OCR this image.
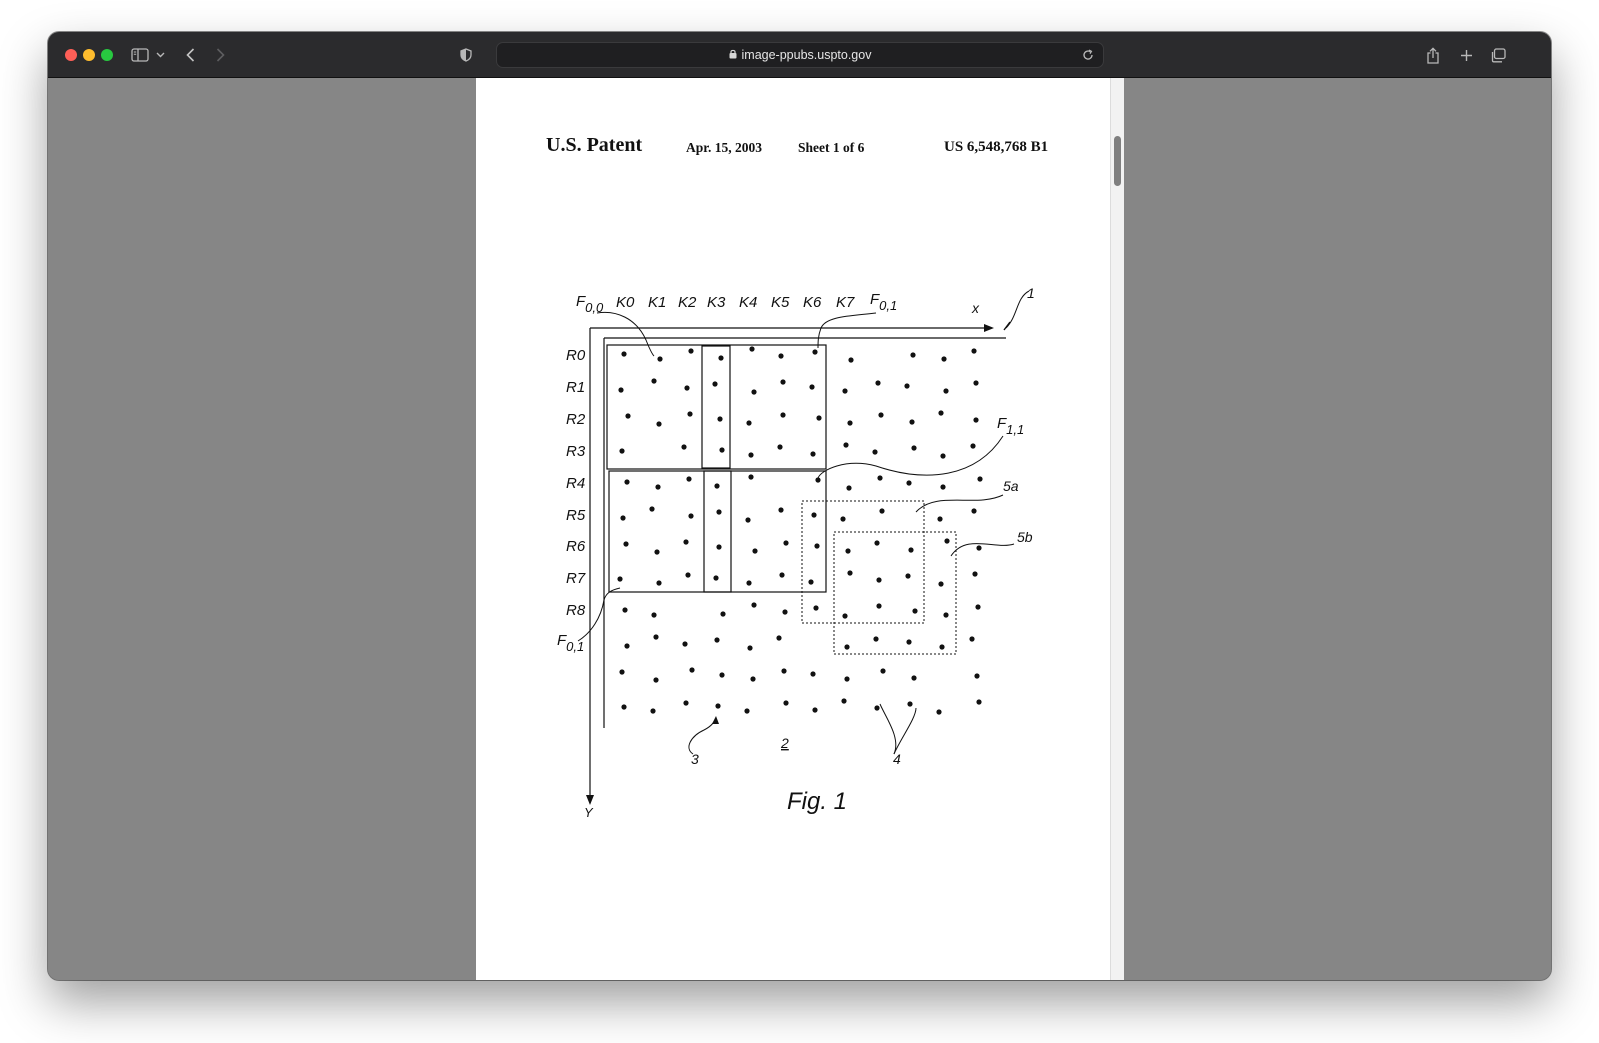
image-ppubs.uspto.gov
U.S. Patent	Apr. 15, 2003	Sheet 1 of 6	US 6,548,768 B1
K0 K1 K2 K3 K4 K5 K6 K7
R0
R1
R2
R3
R4
R5
R6
R7
R8
F0,0	F0,1
F1,1
F0,1
x
Y
1
2
3	4
5a
5b
Fig. 1
